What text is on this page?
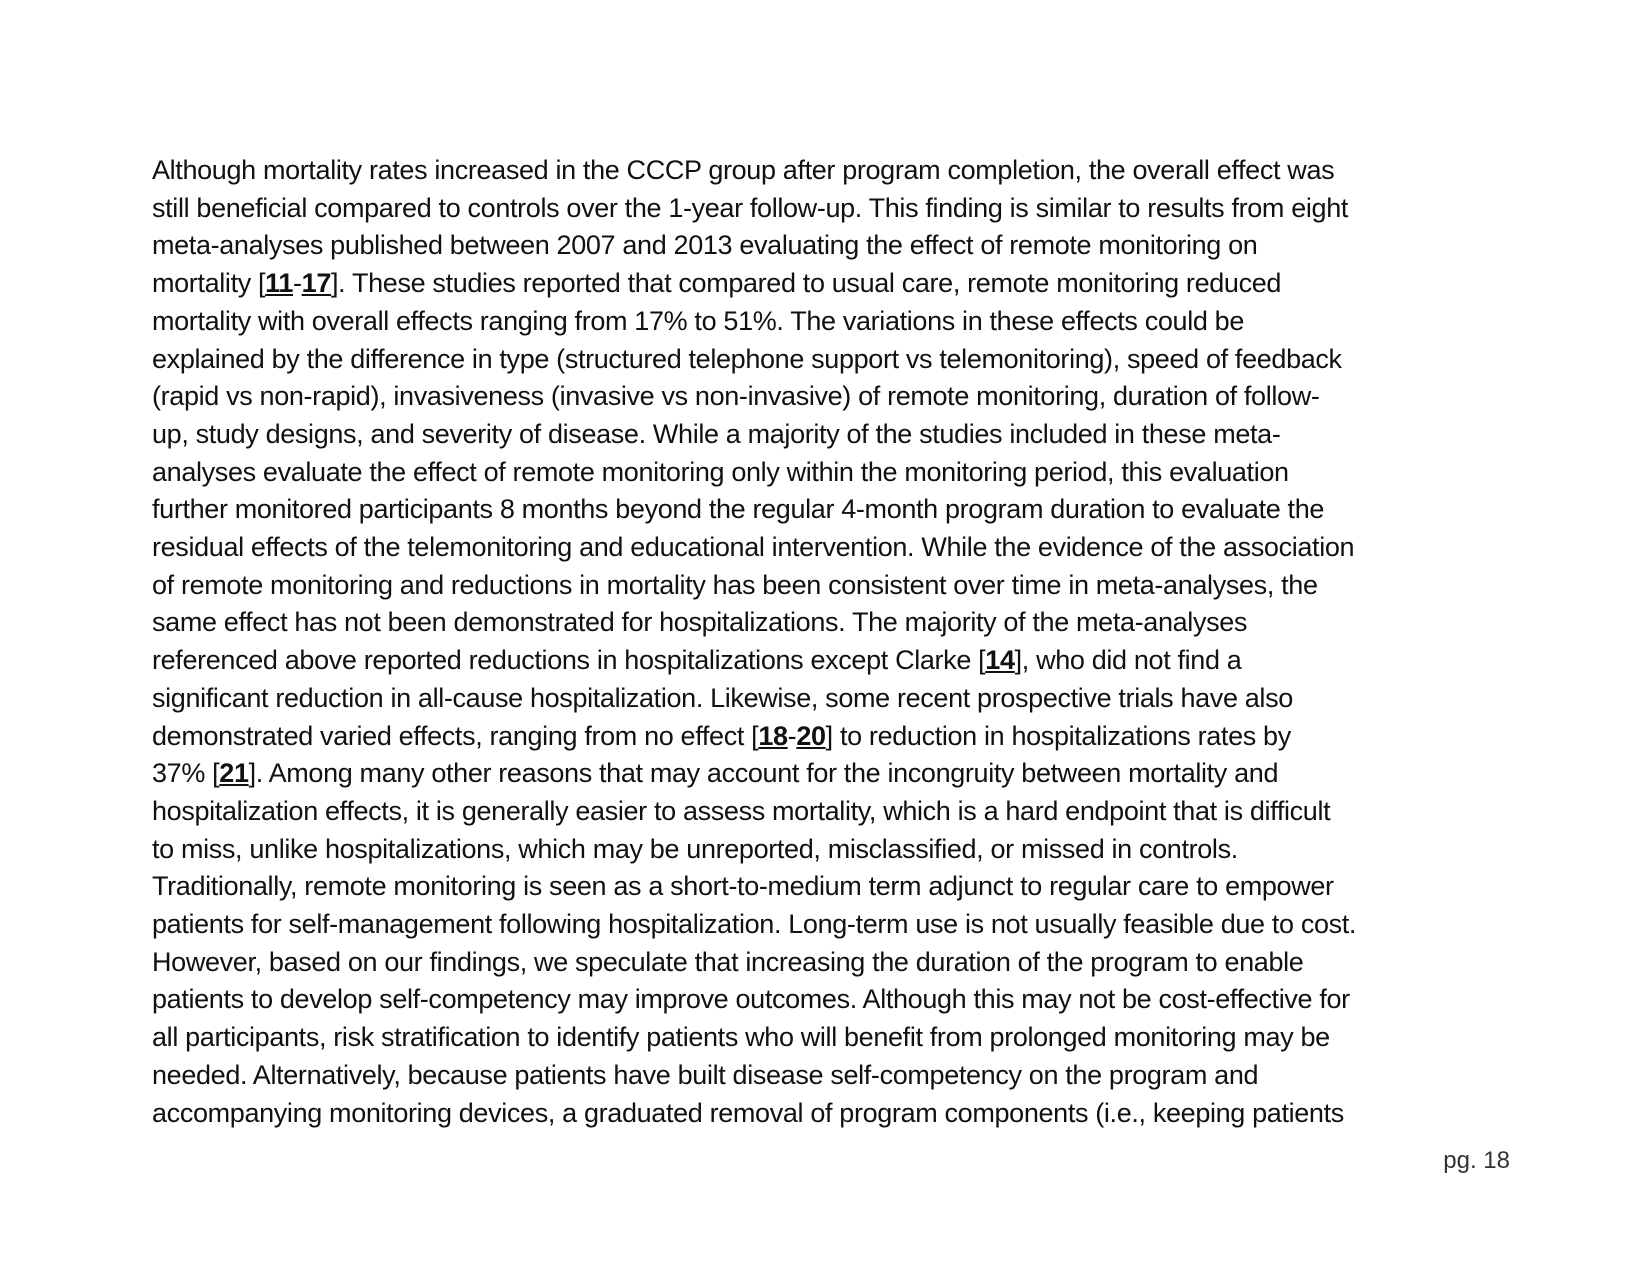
Although mortality rates increased in the CCCP group after program completion, the overall effect was
still beneficial compared to controls over the 1-year follow-up. This finding is similar to results from eight
meta-analyses published between 2007 and 2013 evaluating the effect of remote monitoring on
mortality [11-17]. These studies reported that compared to usual care, remote monitoring reduced
mortality with overall effects ranging from 17% to 51%. The variations in these effects could be
explained by the difference in type (structured telephone support vs telemonitoring), speed of feedback
(rapid vs non-rapid), invasiveness (invasive vs non-invasive) of remote monitoring, duration of follow-
up, study designs, and severity of disease. While a majority of the studies included in these meta-
analyses evaluate the effect of remote monitoring only within the monitoring period, this evaluation
further monitored participants 8 months beyond the regular 4-month program duration to evaluate the
residual effects of the telemonitoring and educational intervention. While the evidence of the association
of remote monitoring and reductions in mortality has been consistent over time in meta-analyses, the
same effect has not been demonstrated for hospitalizations. The majority of the meta-analyses
referenced above reported reductions in hospitalizations except Clarke [14], who did not find a
significant reduction in all-cause hospitalization. Likewise, some recent prospective trials have also
demonstrated varied effects, ranging from no effect [18-20] to reduction in hospitalizations rates by
37% [21]. Among many other reasons that may account for the incongruity between mortality and
hospitalization effects, it is generally easier to assess mortality, which is a hard endpoint that is difficult
to miss, unlike hospitalizations, which may be unreported, misclassified, or missed in controls.
Traditionally, remote monitoring is seen as a short-to-medium term adjunct to regular care to empower
patients for self-management following hospitalization. Long-term use is not usually feasible due to cost.
However, based on our findings, we speculate that increasing the duration of the program to enable
patients to develop self-competency may improve outcomes. Although this may not be cost-effective for
all participants, risk stratification to identify patients who will benefit from prolonged monitoring may be
needed. Alternatively, because patients have built disease self-competency on the program and
accompanying monitoring devices, a graduated removal of program components (i.e., keeping patients
pg. 18
